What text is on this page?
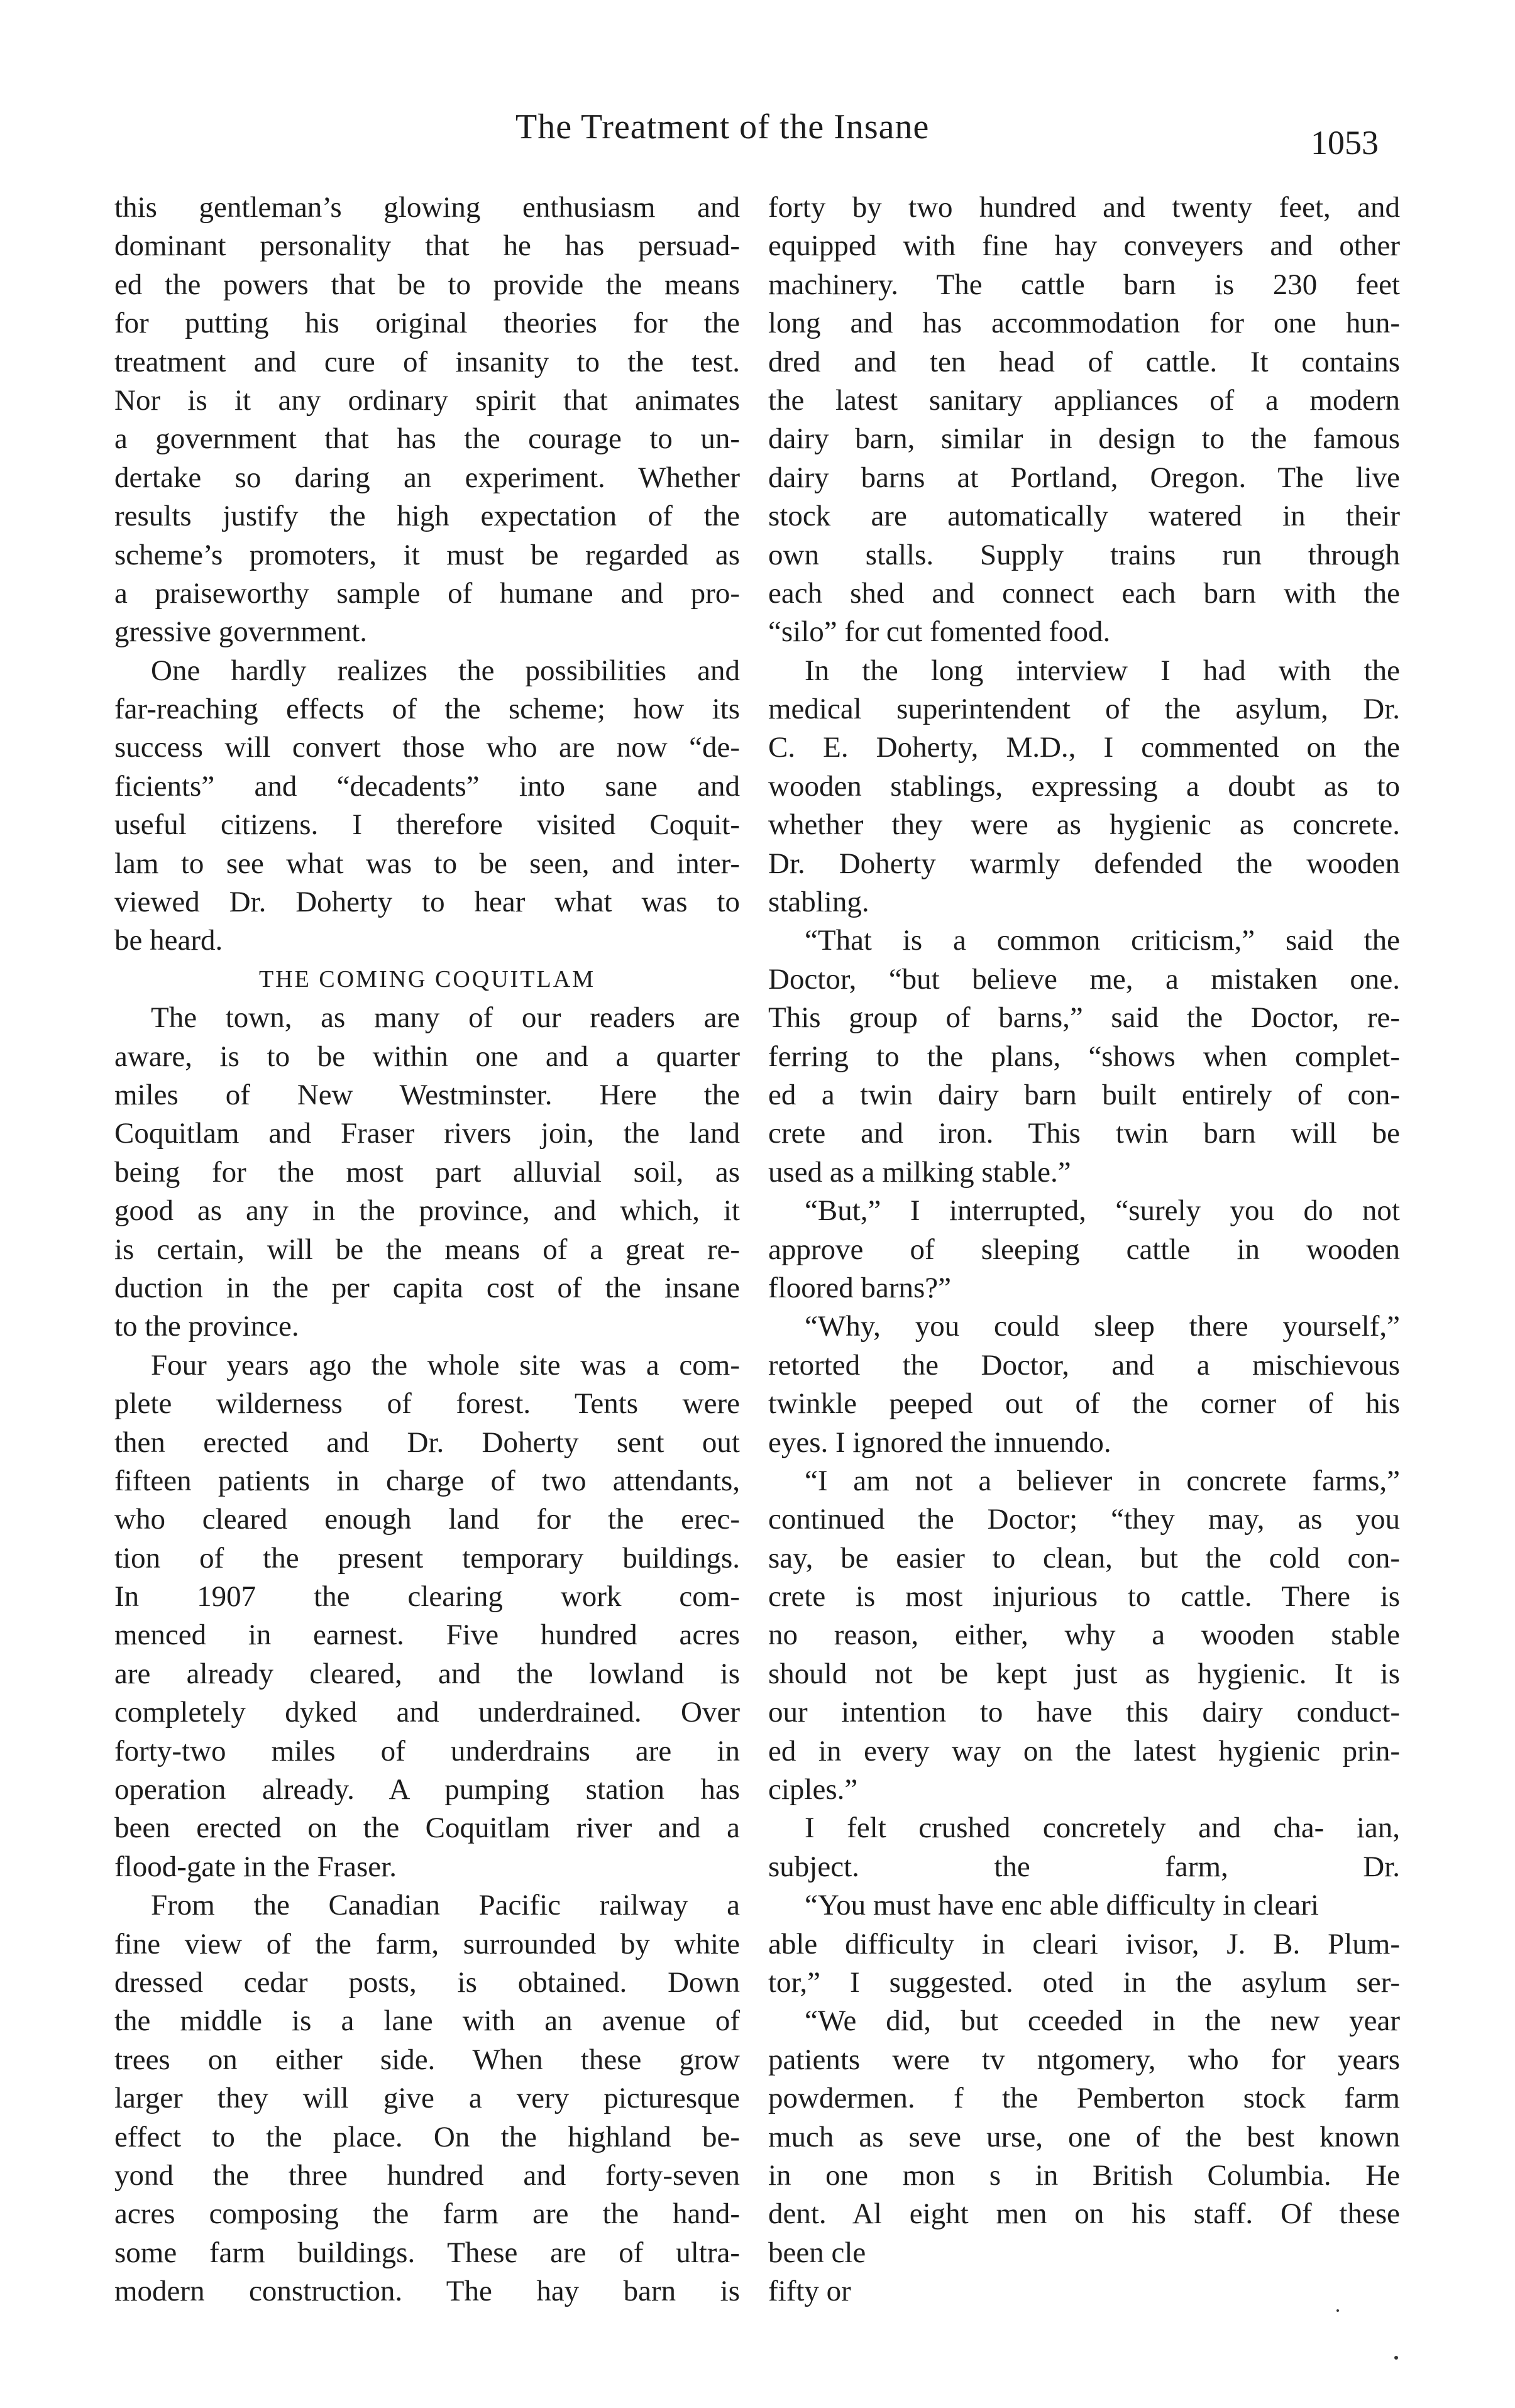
The Treatment of the Insane	1053
this gentleman’s glowing enthusiasm and
dominant personality that he has persuad-
ed the powers that be to provide the means
for putting his original theories for the
treatment and cure of insanity to the test.
Nor is it any ordinary spirit that animates
a government that has the courage to un-
dertake so daring an experiment. Whether
results justify the high expectation of the
scheme’s promoters, it must be regarded as
a praiseworthy sample of humane and pro-
gressive government.
One hardly realizes the possibilities and
far-reaching effects of the scheme; how its
success will convert those who are now “de-
ficients” and “decadents” into sane and
useful citizens. I therefore visited Coquit-
lam to see what was to be seen, and inter-
viewed Dr. Doherty to hear what was to
be heard.
THE COMING COQUITLAM
The town, as many of our readers are
aware, is to be within one and a quarter
miles of New Westminster. Here the
Coquitlam and Fraser rivers join, the land
being for the most part alluvial soil, as
good as any in the province, and which, it
is certain, will be the means of a great re-
duction in the per capita cost of the insane
to the province.
Four years ago the whole site was a com-
plete wilderness of forest. Tents were
then erected and Dr. Doherty sent out
fifteen patients in charge of two attendants,
who cleared enough land for the erec-
tion of the present temporary buildings.
In 1907 the clearing work com-
menced in earnest. Five hundred acres
are already cleared, and the lowland is
completely dyked and underdrained. Over
forty-two miles of underdrains are in
operation already. A pumping station has
been erected on the Coquitlam river and a
flood-gate in the Fraser.
From the Canadian Pacific railway a
fine view of the farm, surrounded by white
dressed cedar posts, is obtained. Down
the middle is a lane with an avenue of
trees on either side. When these grow
larger they will give a very picturesque
effect to the place. On the highland be-
yond the three hundred and forty-seven
acres composing the farm are the hand-
some farm buildings. These are of ultra-
modern construction. The hay barn is
forty by two hundred and twenty feet, and
equipped with fine hay conveyers and other
machinery. The cattle barn is 230 feet
long and has accommodation for one hun-
dred and ten head of cattle. It contains
the latest sanitary appliances of a modern
dairy barn, similar in design to the famous
dairy barns at Portland, Oregon. The live
stock are automatically watered in their
own stalls. Supply trains run through
each shed and connect each barn with the
“silo” for cut fomented food.
In the long interview I had with the
medical superintendent of the asylum, Dr.
C. E. Doherty, M.D., I commented on the
wooden stablings, expressing a doubt as to
whether they were as hygienic as concrete.
Dr. Doherty warmly defended the wooden
stabling.
“That is a common criticism,” said the
Doctor, “but believe me, a mistaken one.
This group of barns,” said the Doctor, re-
ferring to the plans, “shows when complet-
ed a twin dairy barn built entirely of con-
crete and iron. This twin barn will be
used as a milking stable.”
“But,” I interrupted, “surely you do not
approve of sleeping cattle in wooden
floored barns?”
“Why, you could sleep there yourself,”
retorted the Doctor, and a mischievous
twinkle peeped out of the corner of his
eyes. I ignored the innuendo.
“I am not a believer in concrete farms,”
continued the Doctor; “they may, as you
say, be easier to clean, but the cold con-
crete is most injurious to cattle. There is
no reason, either, why a wooden stable
should not be kept just as hygienic. It is
our intention to have this dairy conduct-
ed in every way on the latest hygienic prin-
ciples.”
I felt crushed concretely and cha- ian,
subject. the farm, Dr.
“You must have enc able difficulty in cleari
able difficulty in cleari ivisor, J. B. Plum-
tor,” I suggested. oted in the asylum ser-
“We did, but cceeded in the new year
patients were tv ntgomery, who for years
powdermen. f the Pemberton stock farm
much as seve urse, one of the best known
in one mon s in British Columbia. He
dent. Al eight men on his staff. Of these
been cle
fifty or
